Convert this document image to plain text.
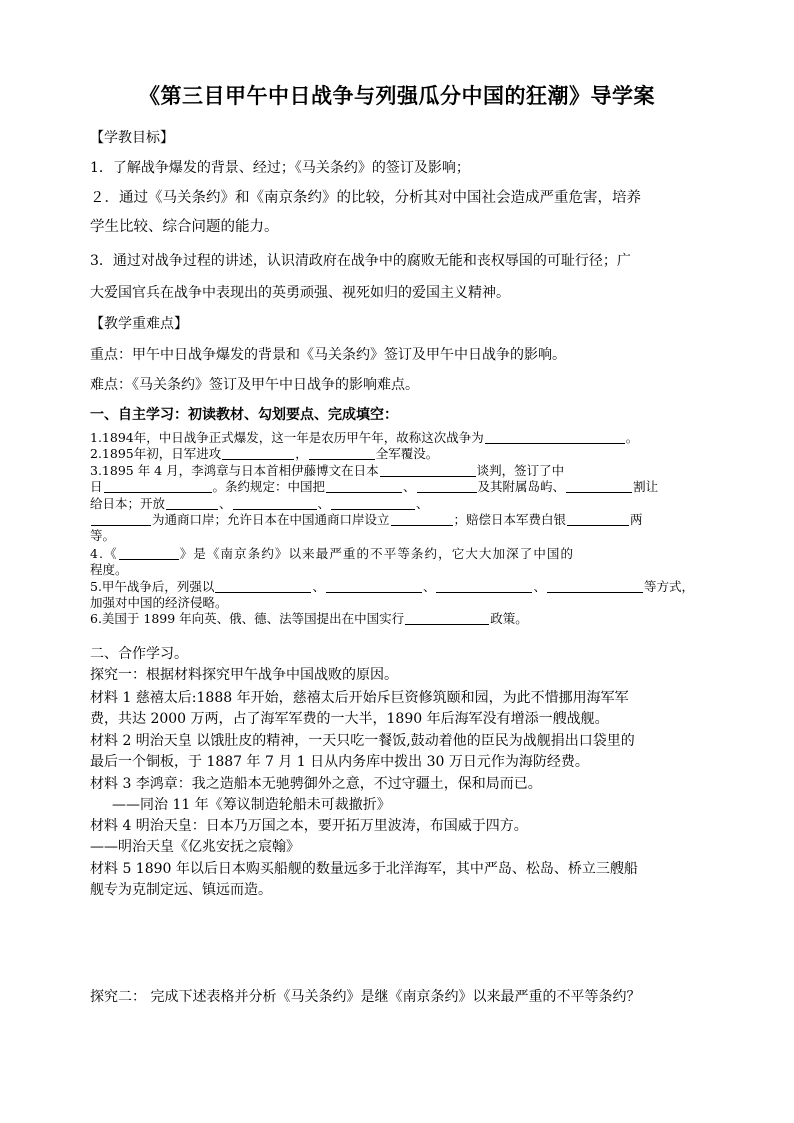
《第三目甲午中日战争与列强瓜分中国的狂潮》导学案
【学教目标】
1．了解战争爆发的背景、经过；《马关条约》的签订及影响；
２．通过《马关条约》和《南京条约》的比较，分析其对中国社会造成严重危害，培养
学生比较、综合问题的能力。
3．通过对战争过程的讲述，认识清政府在战争中的腐败无能和丧权辱国的可耻行径；广
大爱国官兵在战争中表现出的英勇顽强、视死如归的爱国主义精神。
【教学重难点】
重点：甲午中日战争爆发的背景和《马关条约》签订及甲午中日战争的影响。
难点：《马关条约》签订及甲午中日战争的影响难点。
一、自主学习：初读教材、勾划要点、完成填空：
1.1894年，中日战争正式爆发，这一年是农历甲午年，故称这次战争为	。
2.1895年初，日军进攻	，	全军覆没。
3.1895 年 4 月，李鸿章与日本首相伊藤博文在日本	谈判，签订了中
日	。条约规定：中国把	、	及其附属岛屿、	割让
给日本；开放	、	、	、
为通商口岸；允许日本在中国通商口岸设立	；赔偿日本军费白银	两
等。
4.《	》是《南京条约》以来最严重的不平等条约，它大大加深了中国的
程度。
5.甲午战争后，列强以	、	、	、	等方式，
加强对中国的经济侵略。
6.美国于 1899 年向英、俄、德、法等国提出在中国实行	政策。
二、合作学习。
探究一：根据材料探究甲午战争中国战败的原因。
材料 1 慈禧太后:1888 年开始，慈禧太后开始斥巨资修筑颐和园，为此不惜挪用海军军
费，共达 2000 万两，占了海军军费的一大半，1890 年后海军没有增添一艘战舰。
材料 2 明治天皇 以饿肚皮的精神，一天只吃一餐饭,鼓动着他的臣民为战舰捐出口袋里的
最后一个铜板，于 1887 年 7 月 1 日从内务库中拨出 30 万日元作为海防经费。
材料 3 李鸿章：我之造船本无驰骋御外之意，不过守疆土，保和局而已。
——同治 11 年《筹议制造轮船未可裁撤折》
材料 4 明治天皇：日本乃万国之本，要开拓万里波涛，布国威于四方。
——明治天皇《亿兆安抚之宸翰》
材料 5 1890 年以后日本购买船舰的数量远多于北洋海军，其中严岛、松岛、桥立三艘船
舰专为克制定远、镇远而造。
探究二： 完成下述表格并分析《马关条约》是继《南京条约》以来最严重的不平等条约？
